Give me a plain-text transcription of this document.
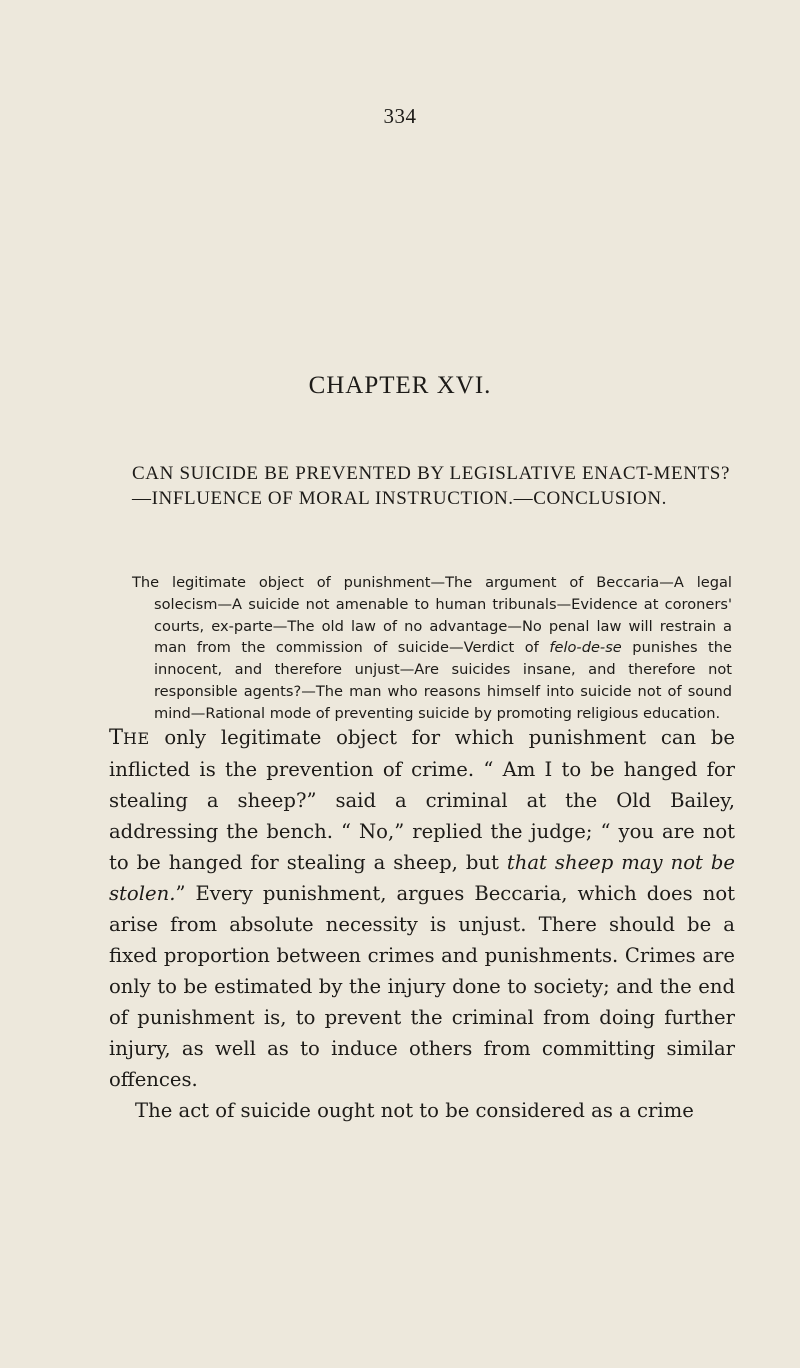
334
CHAPTER XVI.
CAN SUICIDE BE PREVENTED BY LEGISLATIVE ENACT-MENTS?—INFLUENCE OF MORAL INSTRUCTION.—CONCLUSION.

The legitimate object of punishment—The argument of Beccaria—A legal solecism—A suicide not amenable to human tribunals—Evidence at coroners' courts, ex-parte—The old law of no advantage—No penal law will restrain a man from the commission of suicide—Verdict of felo-de-se punishes the innocent, and therefore unjust—Are suicides insane, and therefore not responsible agents?—The man who reasons himself into suicide not of sound mind—Rational mode of preventing suicide by promoting religious education.

THE only legitimate object for which punishment can be inflicted is the prevention of crime. “ Am I to be hanged for stealing a sheep?” said a criminal at the Old Bailey, addressing the bench. “ No,” replied the judge; “ you are not to be hanged for stealing a sheep, but that sheep may not be stolen.” Every punishment, argues Beccaria, which does not arise from absolute necessity is unjust. There should be a fixed proportion between crimes and punishments. Crimes are only to be estimated by the injury done to society; and the end of punishment is, to prevent the criminal from doing further injury, as well as to induce others from committing similar offences.

The act of suicide ought not to be considered as a crime
